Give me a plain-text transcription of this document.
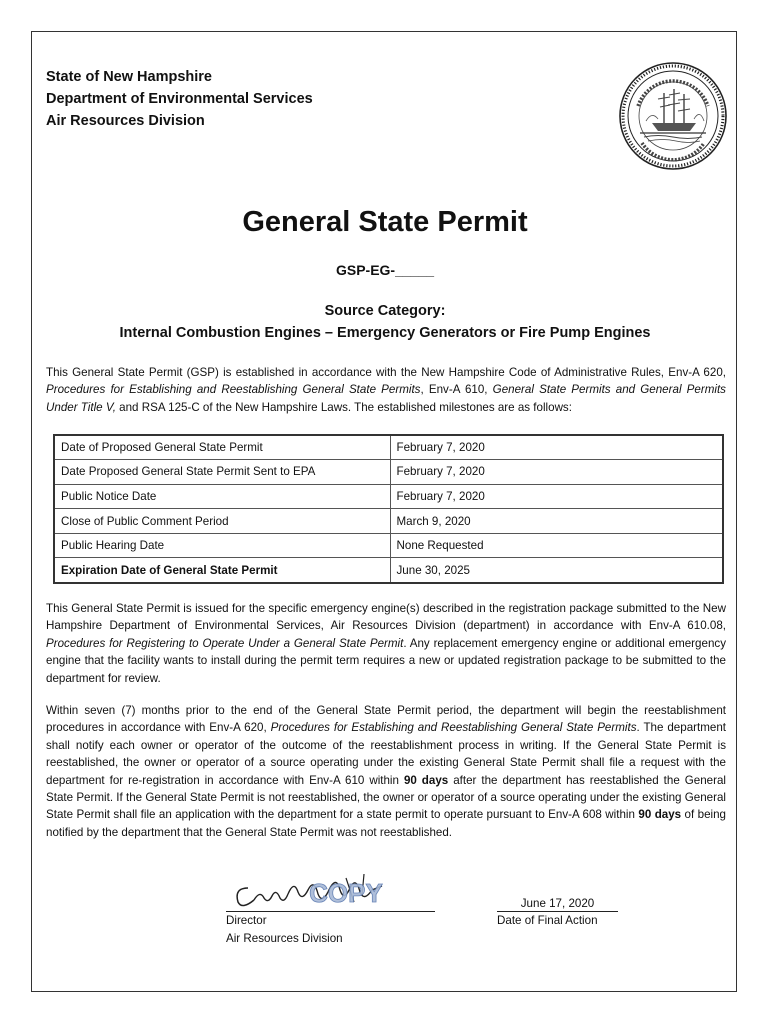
State of New Hampshire
Department of Environmental Services
Air Resources Division
General State Permit
GSP-EG-_____
Source Category:
Internal Combustion Engines – Emergency Generators or Fire Pump Engines
This General State Permit (GSP) is established in accordance with the New Hampshire Code of Administrative Rules, Env-A 620, Procedures for Establishing and Reestablishing General State Permits, Env-A 610, General State Permits and General Permits Under Title V, and RSA 125-C of the New Hampshire Laws. The established milestones are as follows:
Date of Proposed General State Permit	February 7, 2020
Date Proposed General State Permit Sent to EPA	February 7, 2020
Public Notice Date	February 7, 2020
Close of Public Comment Period	March 9, 2020
Public Hearing Date	None Requested
Expiration Date of General State Permit	June 30, 2025
This General State Permit is issued for the specific emergency engine(s) described in the registration package submitted to the New Hampshire Department of Environmental Services, Air Resources Division (department) in accordance with Env-A 610.08, Procedures for Registering to Operate Under a General State Permit. Any replacement emergency engine or additional emergency engine that the facility wants to install during the permit term requires a new or updated registration package to be submitted to the department for review.
Within seven (7) months prior to the end of the General State Permit period, the department will begin the reestablishment procedures in accordance with Env-A 620, Procedures for Establishing and Reestablishing General State Permits. The department shall notify each owner or operator of the outcome of the reestablishment process in writing. If the General State Permit is reestablished, the owner or operator of a source operating under the existing General State Permit shall file a request with the department for re-registration in accordance with Env-A 610 within 90 days after the department has reestablished the General State Permit. If the General State Permit is not reestablished, the owner or operator of a source operating under the existing General State Permit shall file an application with the department for a state permit to operate pursuant to Env-A 608 within 90 days of being notified by the department that the General State Permit was not reestablished.
COPY
Director
Air Resources Division
June 17, 2020
Date of Final Action
